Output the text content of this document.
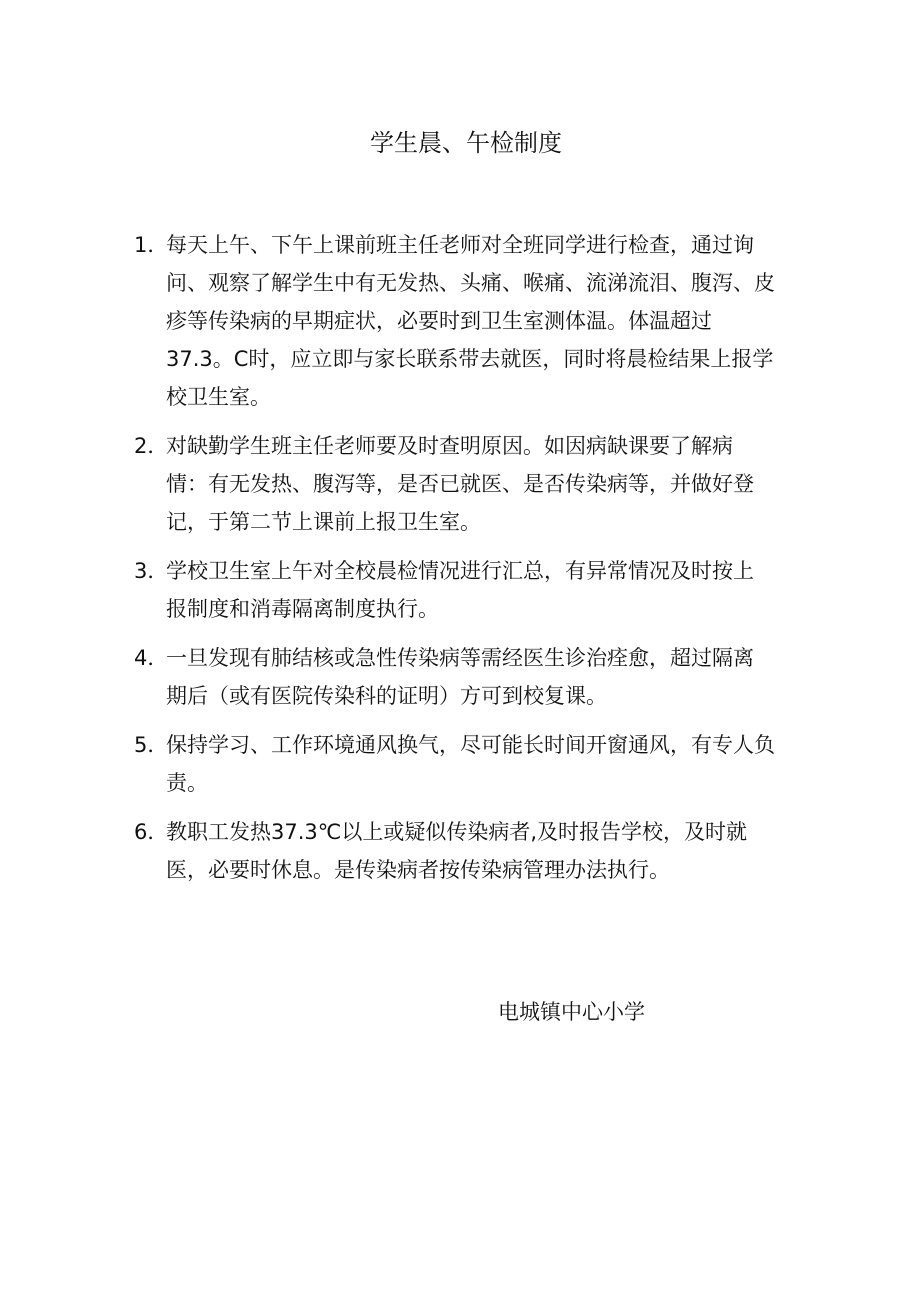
学生晨、午检制度
1．
每天上午、下午上课前班主任老师对全班同学进行检查，通过询
问、观察了解学生中有无发热、头痛、喉痛、流涕流泪、腹泻、皮
疹等传染病的早期症状，必要时到卫生室测体温。体温超过
37.3。C时，应立即与家长联系带去就医，同时将晨检结果上报学
校卫生室。
2．
对缺勤学生班主任老师要及时查明原因。如因病缺课要了解病
情：有无发热、腹泻等，是否已就医、是否传染病等，并做好登
记，于第二节上课前上报卫生室。
3．
学校卫生室上午对全校晨检情况进行汇总，有异常情况及时按上
报制度和消毒隔离制度执行。
4．
一旦发现有肺结核或急性传染病等需经医生诊治痊愈，超过隔离
期后（或有医院传染科的证明）方可到校复课。
5．
保持学习、工作环境通风换气，尽可能长时间开窗通风，有专人负
责。
6．
教职工发热37.3℃以上或疑似传染病者,及时报告学校，及时就
医，必要时休息。是传染病者按传染病管理办法执行。
电城镇中心小学
